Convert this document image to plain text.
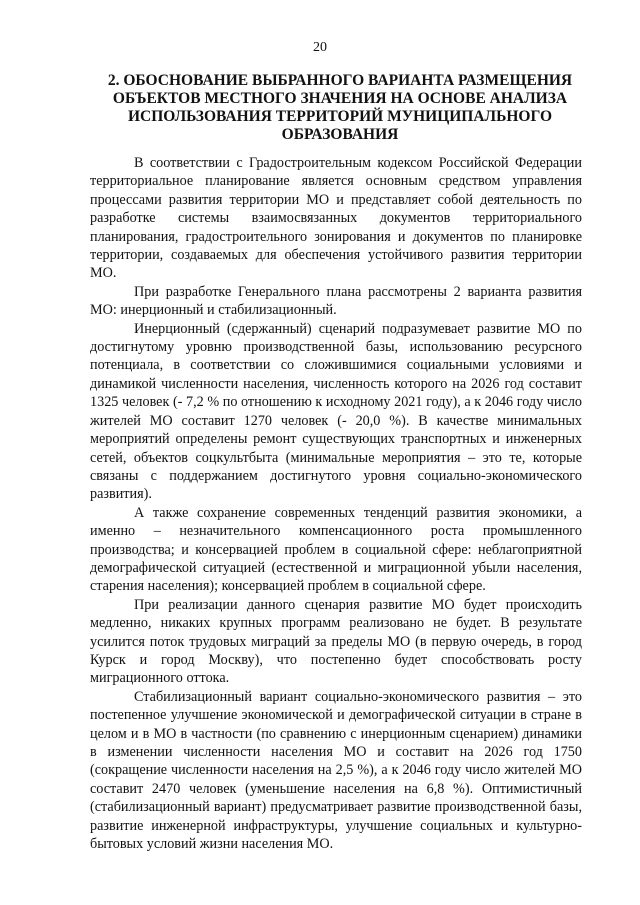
20
2. ОБОСНОВАНИЕ ВЫБРАННОГО ВАРИАНТА РАЗМЕЩЕНИЯ ОБЪЕКТОВ МЕСТНОГО ЗНАЧЕНИЯ НА ОСНОВЕ АНАЛИЗА ИСПОЛЬЗОВАНИЯ ТЕРРИТОРИЙ МУНИЦИПАЛЬНОГО ОБРАЗОВАНИЯ

В соответствии с Градостроительным кодексом Российской Федерации территориальное планирование является основным средством управления процессами развития территории МО и представляет собой деятельность по разработке системы взаимосвязанных документов территориального планирования, градостроительного зонирования и документов по планировке территории, создаваемых для обеспечения устойчивого развития территории МО.

При разработке Генерального плана рассмотрены 2 варианта развития МО: инерционный и стабилизационный.

Инерционный (сдержанный) сценарий подразумевает развитие МО по достигнутому уровню производственной базы, использованию ресурсного потенциала, в соответствии со сложившимися социальными условиями и динамикой численности населения, численность которого на 2026 год составит 1325 человек (- 7,2 % по отношению к исходному 2021 году), а к 2046 году число жителей МО составит 1270 человек (- 20,0 %). В качестве минимальных мероприятий определены ремонт существующих транспортных и инженерных сетей, объектов соцкультбыта (минимальные мероприятия – это те, которые связаны с поддержанием достигнутого уровня социально-экономического развития).

А также сохранение современных тенденций развития экономики, а именно – незначительного компенсационного роста промышленного производства; и консервацией проблем в социальной сфере: неблагоприятной демографической ситуацией (естественной и миграционной убыли населения, старения населения); консервацией проблем в социальной сфере.

При реализации данного сценария развитие МО будет происходить медленно, никаких крупных программ реализовано не будет. В результате усилится поток трудовых миграций за пределы МО (в первую очередь, в город Курск и город Москву), что постепенно будет способствовать росту миграционного оттока.

Стабилизационный вариант социально-экономического развития – это постепенное улучшение экономической и демографической ситуации в стране в целом и в МО в частности (по сравнению с инерционным сценарием) динамики в изменении численности населения МО и составит на 2026 год 1750 (сокращение численности населения на 2,5 %), а к 2046 году число жителей МО составит 2470 человек (уменьшение населения на 6,8 %). Оптимистичный (стабилизационный вариант) предусматривает развитие производственной базы, развитие инженерной инфраструктуры, улучшение социальных и культурно-бытовых условий жизни населения МО.
